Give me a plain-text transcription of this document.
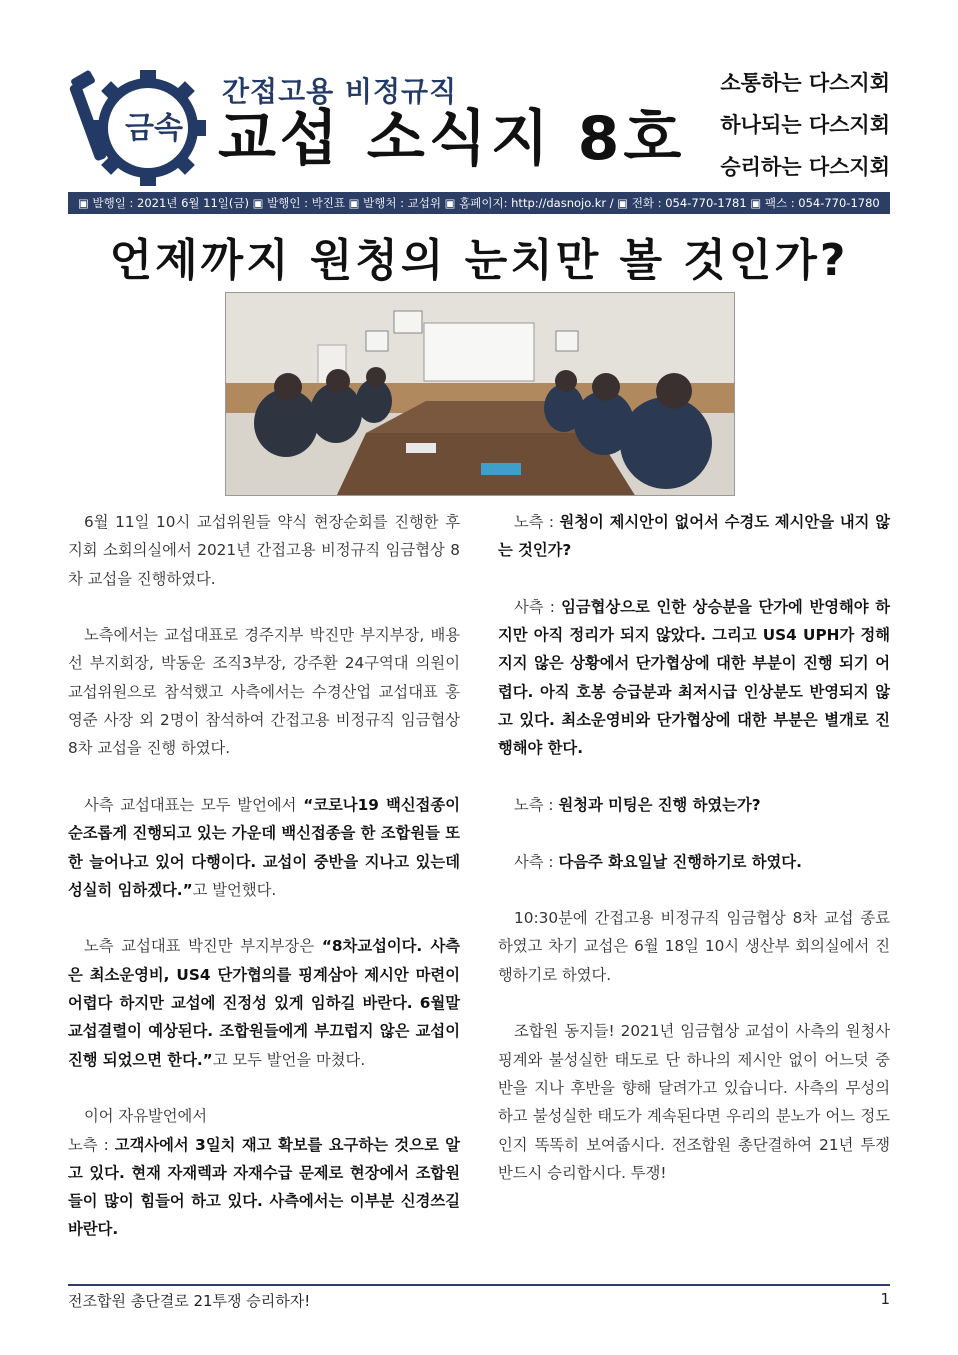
금속
간접고용 비정규직
교섭 소식지 8호
소통하는 다스지회
하나되는 다스지회
승리하는 다스지회
▣ 발행일 : 2021년 6월 11일(금) ▣ 발행인 : 박진표 ▣ 발행처 : 교섭위 ▣ 홈페이지: http://dasnojo.kr / ▣ 전화 : 054-770-1781 ▣ 팩스 : 054-770-1780
언제까지 원청의 눈치만 볼 것인가?

6월 11일 10시 교섭위원들 약식 현장순회를 진행한 후 지회 소회의실에서 2021년 간접고용 비정규직 임금협상 8차 교섭을 진행하였다.

노측에서는 교섭대표로 경주지부 박진만 부지부장, 배용선 부지회장, 박동운 조직3부장, 강주환 24구역대 의원이 교섭위원으로 참석했고 사측에서는 수경산업 교섭대표 홍영준 사장 외 2명이 참석하여 간접고용 비정규직 임금협상 8차 교섭을 진행 하였다.

사측 교섭대표는 모두 발언에서 “코로나19 백신접종이 순조롭게 진행되고 있는 가운데 백신접종을 한 조합원들 또한 늘어나고 있어 다행이다. 교섭이 중반을 지나고 있는데 성실히 임하겠다.”고 발언했다.

노측 교섭대표 박진만 부지부장은 “8차교섭이다. 사측은 최소운영비, US4 단가협의를 핑계삼아 제시안 마련이 어렵다 하지만 교섭에 진정성 있게 임하길 바란다. 6월말 교섭결렬이 예상된다. 조합원들에게 부끄럽지 않은 교섭이 진행 되었으면 한다.”고 모두 발언을 마쳤다.

이어 자유발언에서
노측 : 고객사에서 3일치 재고 확보를 요구하는 것으로 알고 있다. 현재 자재렉과 자재수급 문제로 현장에서 조합원들이 많이 힘들어 하고 있다. 사측에서는 이부분 신경쓰길 바란다.

노측 : 원청이 제시안이 없어서 수경도 제시안을 내지 않는 것인가?

사측 : 임금협상으로 인한 상승분을 단가에 반영해야 하지만 아직 정리가 되지 않았다. 그리고 US4 UPH가 정해지지 않은 상황에서 단가협상에 대한 부분이 진행 되기 어렵다. 아직 호봉 승급분과 최저시급 인상분도 반영되지 않고 있다. 최소운영비와 단가협상에 대한 부분은 별개로 진행해야 한다.

노측 : 원청과 미팅은 진행 하였는가?

사측 : 다음주 화요일날 진행하기로 하였다.

10:30분에 간접고용 비정규직 임금협상 8차 교섭 종료하였고 차기 교섭은 6월 18일 10시 생산부 회의실에서 진행하기로 하였다.

조합원 동지들! 2021년 임금협상 교섭이 사측의 원청사 핑계와 불성실한 태도로 단 하나의 제시안 없이 어느덧 중반을 지나 후반을 향해 달려가고 있습니다. 사측의 무성의하고 불성실한 태도가 계속된다면 우리의 분노가 어느 정도인지 똑똑히 보여줍시다. 전조합원 총단결하여 21년 투쟁 반드시 승리합시다. 투쟁!

전조합원 총단결로 21투쟁 승리하자!	1
